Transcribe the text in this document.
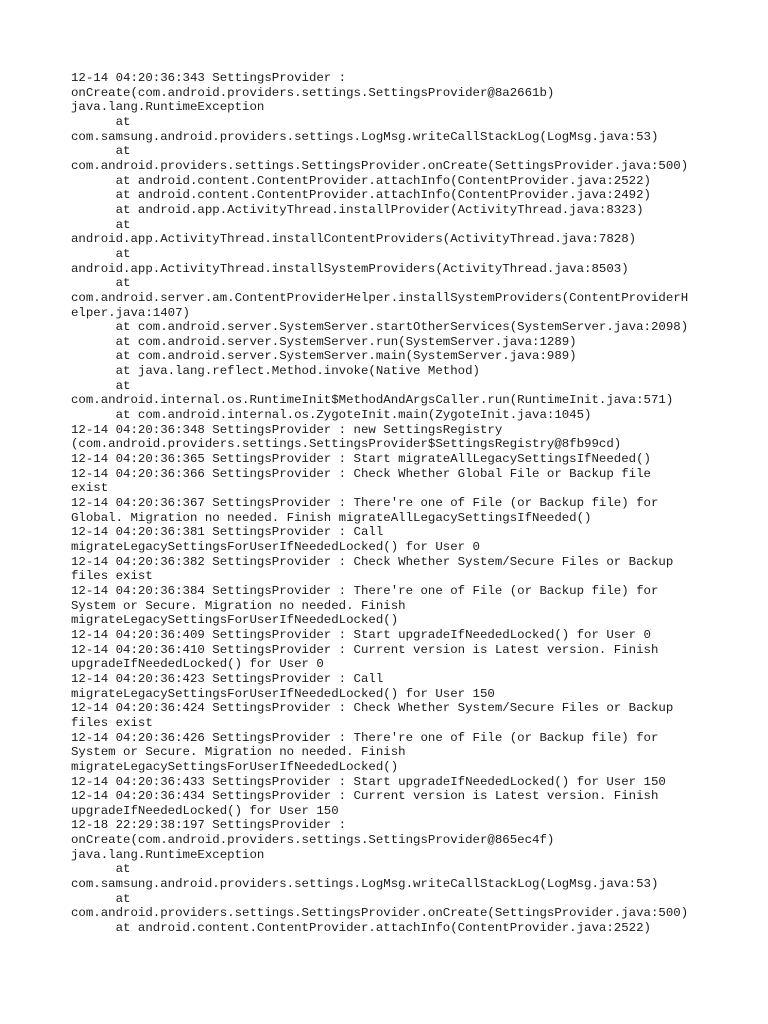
12-14 04:20:36:343 SettingsProvider :
onCreate(com.android.providers.settings.SettingsProvider@8a2661b)
java.lang.RuntimeException
at
com.samsung.android.providers.settings.LogMsg.writeCallStackLog(LogMsg.java:53)
at
com.android.providers.settings.SettingsProvider.onCreate(SettingsProvider.java:500)
at android.content.ContentProvider.attachInfo(ContentProvider.java:2522)
at android.content.ContentProvider.attachInfo(ContentProvider.java:2492)
at android.app.ActivityThread.installProvider(ActivityThread.java:8323)
at
android.app.ActivityThread.installContentProviders(ActivityThread.java:7828)
at
android.app.ActivityThread.installSystemProviders(ActivityThread.java:8503)
at
com.android.server.am.ContentProviderHelper.installSystemProviders(ContentProviderH
elper.java:1407)
at com.android.server.SystemServer.startOtherServices(SystemServer.java:2098)
at com.android.server.SystemServer.run(SystemServer.java:1289)
at com.android.server.SystemServer.main(SystemServer.java:989)
at java.lang.reflect.Method.invoke(Native Method)
at
com.android.internal.os.RuntimeInit$MethodAndArgsCaller.run(RuntimeInit.java:571)
at com.android.internal.os.ZygoteInit.main(ZygoteInit.java:1045)
12-14 04:20:36:348 SettingsProvider : new SettingsRegistry
(com.android.providers.settings.SettingsProvider$SettingsRegistry@8fb99cd)
12-14 04:20:36:365 SettingsProvider : Start migrateAllLegacySettingsIfNeeded()
12-14 04:20:36:366 SettingsProvider : Check Whether Global File or Backup file
exist
12-14 04:20:36:367 SettingsProvider : There're one of File (or Backup file) for
Global. Migration no needed. Finish migrateAllLegacySettingsIfNeeded()
12-14 04:20:36:381 SettingsProvider : Call
migrateLegacySettingsForUserIfNeededLocked() for User 0
12-14 04:20:36:382 SettingsProvider : Check Whether System/Secure Files or Backup
files exist
12-14 04:20:36:384 SettingsProvider : There're one of File (or Backup file) for
System or Secure. Migration no needed. Finish
migrateLegacySettingsForUserIfNeededLocked()
12-14 04:20:36:409 SettingsProvider : Start upgradeIfNeededLocked() for User 0
12-14 04:20:36:410 SettingsProvider : Current version is Latest version. Finish
upgradeIfNeededLocked() for User 0
12-14 04:20:36:423 SettingsProvider : Call
migrateLegacySettingsForUserIfNeededLocked() for User 150
12-14 04:20:36:424 SettingsProvider : Check Whether System/Secure Files or Backup
files exist
12-14 04:20:36:426 SettingsProvider : There're one of File (or Backup file) for
System or Secure. Migration no needed. Finish
migrateLegacySettingsForUserIfNeededLocked()
12-14 04:20:36:433 SettingsProvider : Start upgradeIfNeededLocked() for User 150
12-14 04:20:36:434 SettingsProvider : Current version is Latest version. Finish
upgradeIfNeededLocked() for User 150
12-18 22:29:38:197 SettingsProvider :
onCreate(com.android.providers.settings.SettingsProvider@865ec4f)
java.lang.RuntimeException
at
com.samsung.android.providers.settings.LogMsg.writeCallStackLog(LogMsg.java:53)
at
com.android.providers.settings.SettingsProvider.onCreate(SettingsProvider.java:500)
at android.content.ContentProvider.attachInfo(ContentProvider.java:2522)
